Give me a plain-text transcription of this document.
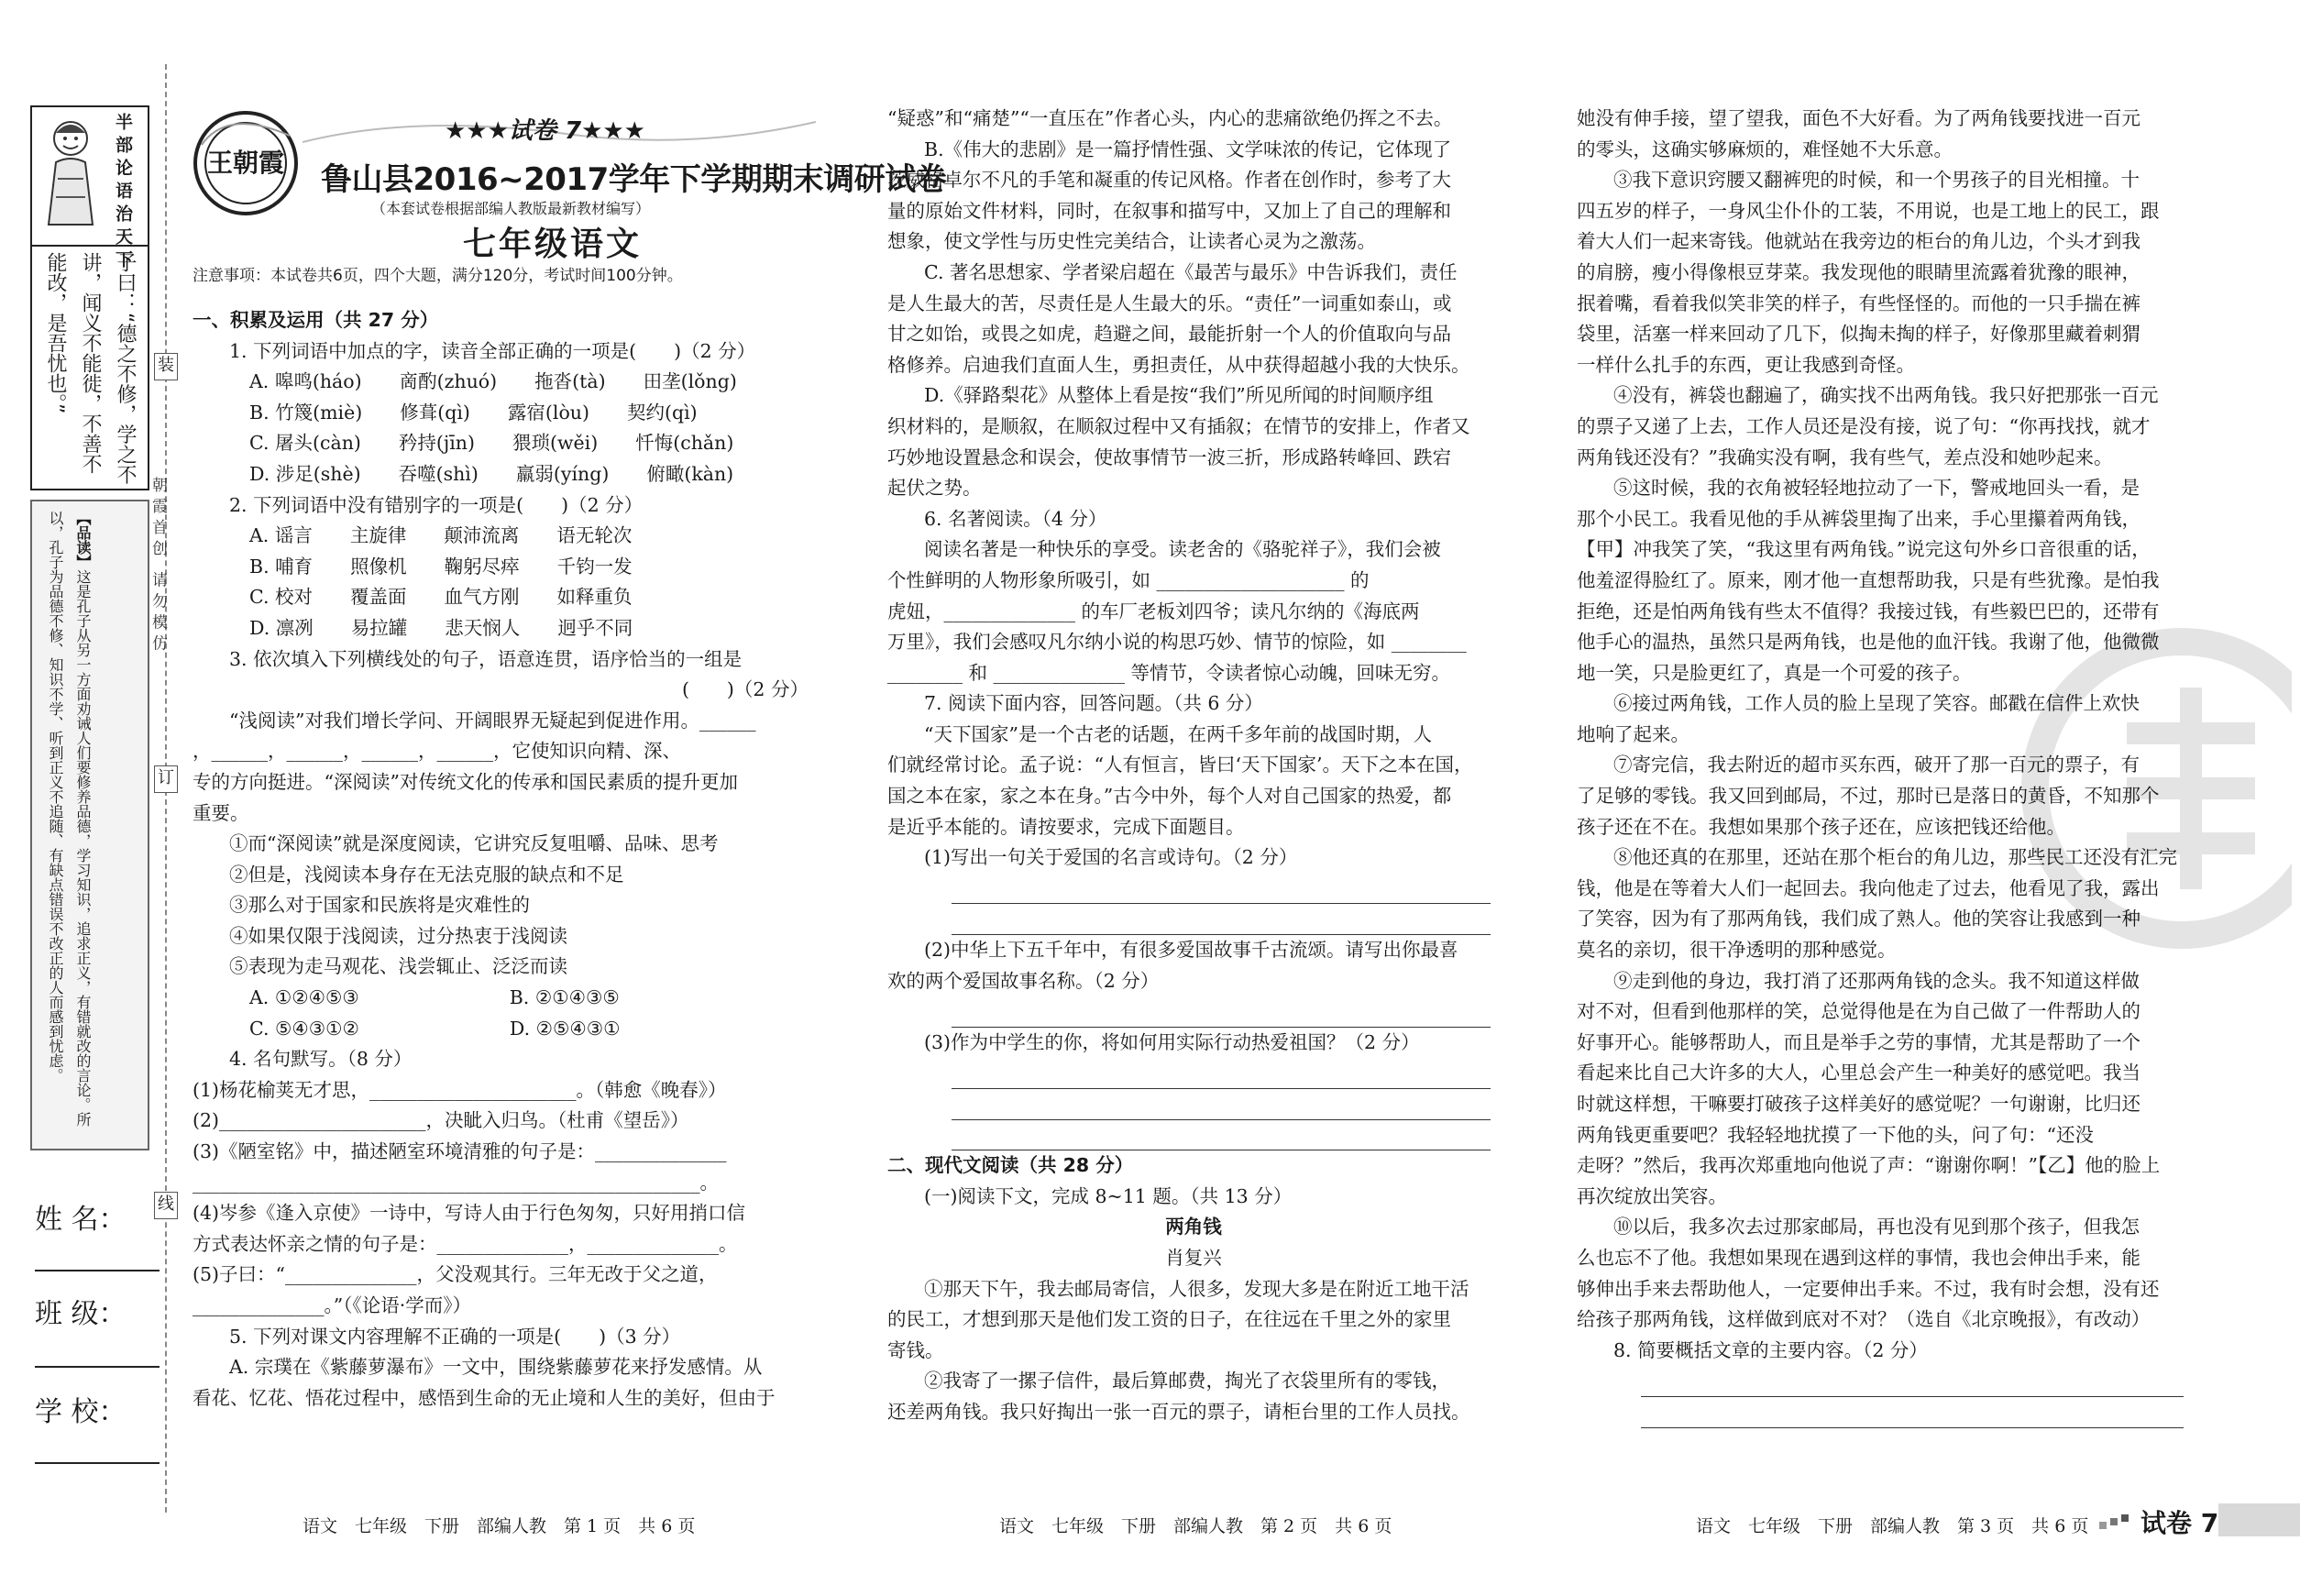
半部论语治天下
子曰：“德之不修，学之不讲，闻义不能徙，不善不能改，是吾忧也。”
【品读】这是孔子从另一方面劝诫人们要修养品德，学习知识，追求正义，有错就改的言论。所以，孔子为品德不修、知识不学、听到正义不追随、有缺点错误不改正的人而感到忧虑。
姓 名：
班 级：
学 校：
装
订
线
朝霞首创 请勿模仿
王朝霞
★★★试卷 7★★★
鲁山县2016~2017学年下学期期末调研试卷
（本套试卷根据部编人教版最新教材编写）
七年级语文
注意事项：本试卷共6页，四个大题，满分120分，考试时间100分钟。

一、积累及运用（共 27 分）

1. 下列词语中加点的字，读音全部正确的一项是(　　)（2 分）

A. 嗥鸣(háo)　　啇酌(zhuó)　　拖沓(tà)　　田垄(lǒng)

B. 竹篾(miè)　　修葺(qì)　　露宿(lòu)　　契约(qì)

C. 屠头(càn)　　矜持(jīn)　　猥琐(wěi)　　忏悔(chǎn)

D. 涉足(shè)　　吞噬(shì)　　羸弱(yíng)　　俯瞰(kàn)

2. 下列词语中没有错别字的一项是(　　)（2 分）

A. 谣言　　主旋律　　颠沛流离　　语无轮次

B. 哺育　　照像机　　鞠躬尽瘁　　千钧一发

C. 校对　　覆盖面　　血气方刚　　如释重负

D. 凛冽　　易拉罐　　悲天悯人　　迥乎不同

3. 依次填入下列横线处的句子，语意连贯，语序恰当的一组是

(　　)（2 分）

“浅阅读”对我们增长学问、开阔眼界无疑起到促进作用。______

，______，______，______，______，它使知识向精、深、

专的方向挺进。“深阅读”对传统文化的传承和国民素质的提升更加

重要。

①而“深阅读”就是深度阅读，它讲究反复咀嚼、品味、思考

②但是，浅阅读本身存在无法克服的缺点和不足

③那么对于国家和民族将是灾难性的

④如果仅限于浅阅读，过分热衷于浅阅读

⑤表现为走马观花、浅尝辄止、泛泛而读

A. ①②④⑤③　　　　　　　　B. ②①④③⑤

C. ⑤④③①②　　　　　　　　D. ②⑤④③①

4. 名句默写。（8 分）

(1)杨花榆荚无才思，______________________。（韩愈《晚春》）

(2)______________________，决眦入归鸟。（杜甫《望岳》）

(3)《陋室铭》中，描述陋室环境清雅的句子是：______________

______________________________________________________。

(4)岑参《逢入京使》一诗中，写诗人由于行色匆匆，只好用捎口信

方式表达怀亲之情的句子是：______________，______________。

(5)子曰：“______________，父没观其行。三年无改于父之道，

______________。”（《论语·学而》）

5. 下列对课文内容理解不正确的一项是(　　)（3 分）

A. 宗璞在《紫藤萝瀑布》一文中，围绕紫藤萝花来抒发感情。从

看花、忆花、悟花过程中，感悟到生命的无止境和人生的美好，但由于

“疑惑”和“痛楚”“一直压在”作者心头，内心的悲痛欲绝仍挥之不去。

B.《伟大的悲剧》是一篇抒情性强、文学味浓的传记，它体现了

茨威格卓尔不凡的手笔和凝重的传记风格。作者在创作时，参考了大

量的原始文件材料，同时，在叙事和描写中，又加上了自己的理解和

想象，使文学性与历史性完美结合，让读者心灵为之激荡。

C. 著名思想家、学者梁启超在《最苦与最乐》中告诉我们，责任

是人生最大的苦，尽责任是人生最大的乐。“责任”一词重如泰山，或

甘之如饴，或畏之如虎，趋避之间，最能折射一个人的价值取向与品

格修养。启迪我们直面人生，勇担责任，从中获得超越小我的大快乐。

D.《驿路梨花》从整体上看是按“我们”所见所闻的时间顺序组

织材料的，是顺叙，在顺叙过程中又有插叙；在情节的安排上，作者又

巧妙地设置悬念和误会，使故事情节一波三折，形成路转峰回、跌宕

起伏之势。

6. 名著阅读。（4 分）

阅读名著是一种快乐的享受。读老舍的《骆驼祥子》，我们会被

个性鲜明的人物形象所吸引，如 ____________________ 的

虎妞，______________ 的车厂老板刘四爷；读凡尔纳的《海底两

万里》，我们会感叹凡尔纳小说的构思巧妙、情节的惊险，如 ________

________ 和 ______________ 等情节，令读者惊心动魄，回味无穷。

7. 阅读下面内容，回答问题。（共 6 分）

“天下国家”是一个古老的话题，在两千多年前的战国时期，人

们就经常讨论。孟子说：“人有恒言，皆曰‘天下国家’。天下之本在国，

国之本在家，家之本在身。”古今中外，每个人对自己国家的热爱，都

是近乎本能的。请按要求，完成下面题目。

(1)写出一句关于爱国的名言或诗句。（2 分）

(2)中华上下五千年中，有很多爱国故事千古流颂。请写出你最喜

欢的两个爱国故事名称。（2 分）

(3)作为中学生的你，将如何用实际行动热爱祖国？（2 分）

二、现代文阅读（共 28 分）

(一)阅读下文，完成 8~11 题。（共 13 分）

两角钱

肖复兴

①那天下午，我去邮局寄信，人很多，发现大多是在附近工地干活

的民工，才想到那天是他们发工资的日子，在往远在千里之外的家里

寄钱。

②我寄了一摞子信件，最后算邮费，掏光了衣袋里所有的零钱，

还差两角钱。我只好掏出一张一百元的票子，请柜台里的工作人员找。

她没有伸手接，望了望我，面色不大好看。为了两角钱要找进一百元

的零头，这确实够麻烦的，难怪她不大乐意。

③我下意识窍腰又翻裤兜的时候，和一个男孩子的目光相撞。十

四五岁的样子，一身风尘仆仆的工装，不用说，也是工地上的民工，跟

着大人们一起来寄钱。他就站在我旁边的柜台的角儿边，个头才到我

的肩膀，瘦小得像根豆芽菜。我发现他的眼睛里流露着犹豫的眼神，

抿着嘴，看着我似笑非笑的样子，有些怪怪的。而他的一只手揣在裤

袋里，活塞一样来回动了几下，似掏未掏的样子，好像那里藏着刺猬

一样什么扎手的东西，更让我感到奇怪。

④没有，裤袋也翻遍了，确实找不出两角钱。我只好把那张一百元

的票子又递了上去，工作人员还是没有接，说了句：“你再找找，就才

两角钱还没有？”我确实没有啊，我有些气，差点没和她吵起来。

⑤这时候，我的衣角被轻轻地拉动了一下，警戒地回头一看，是

那个小民工。我看见他的手从裤袋里掏了出来，手心里攥着两角钱，

【甲】冲我笑了笑，“我这里有两角钱。”说完这句外乡口音很重的话，

他羞涩得脸红了。原来，刚才他一直想帮助我，只是有些犹豫。是怕我

拒绝，还是怕两角钱有些太不值得？我接过钱，有些毅巴巴的，还带有

他手心的温热，虽然只是两角钱，也是他的血汗钱。我谢了他，他微微

地一笑，只是脸更红了，真是一个可爱的孩子。

⑥接过两角钱，工作人员的脸上呈现了笑容。邮戳在信件上欢快

地响了起来。

⑦寄完信，我去附近的超市买东西，破开了那一百元的票子，有

了足够的零钱。我又回到邮局，不过，那时已是落日的黄昏，不知那个

孩子还在不在。我想如果那个孩子还在，应该把钱还给他。

⑧他还真的在那里，还站在那个柜台的角儿边，那些民工还没有汇完

钱，他是在等着大人们一起回去。我向他走了过去，他看见了我，露出

了笑容，因为有了那两角钱，我们成了熟人。他的笑容让我感到一种

莫名的亲切，很干净透明的那种感觉。

⑨走到他的身边，我打消了还那两角钱的念头。我不知道这样做

对不对，但看到他那样的笑，总觉得他是在为自己做了一件帮助人的

好事开心。能够帮助人，而且是举手之劳的事情，尤其是帮助了一个

看起来比自己大许多的大人，心里总会产生一种美好的感觉吧。我当

时就这样想，干嘛要打破孩子这样美好的感觉呢？一句谢谢，比归还

两角钱更重要吧？我轻轻地扰摸了一下他的头，问了句：“还没

走呀？”然后，我再次郑重地向他说了声：“谢谢你啊！”【乙】他的脸上

再次绽放出笑容。

⑩以后，我多次去过那家邮局，再也没有见到那个孩子，但我怎

么也忘不了他。我想如果现在遇到这样的事情，我也会伸出手来，能

够伸出手来去帮助他人，一定要伸出手来。不过，我有时会想，没有还

给孩子那两角钱，这样做到底对不对？（选自《北京晚报》，有改动）

8. 简要概括文章的主要内容。（2 分）

语文　七年级　下册　部编人教　第 1 页　共 6 页	语文　七年级　下册　部编人教　第 2 页　共 6 页	语文　七年级　下册　部编人教　第 3 页　共 6 页 试卷 7
